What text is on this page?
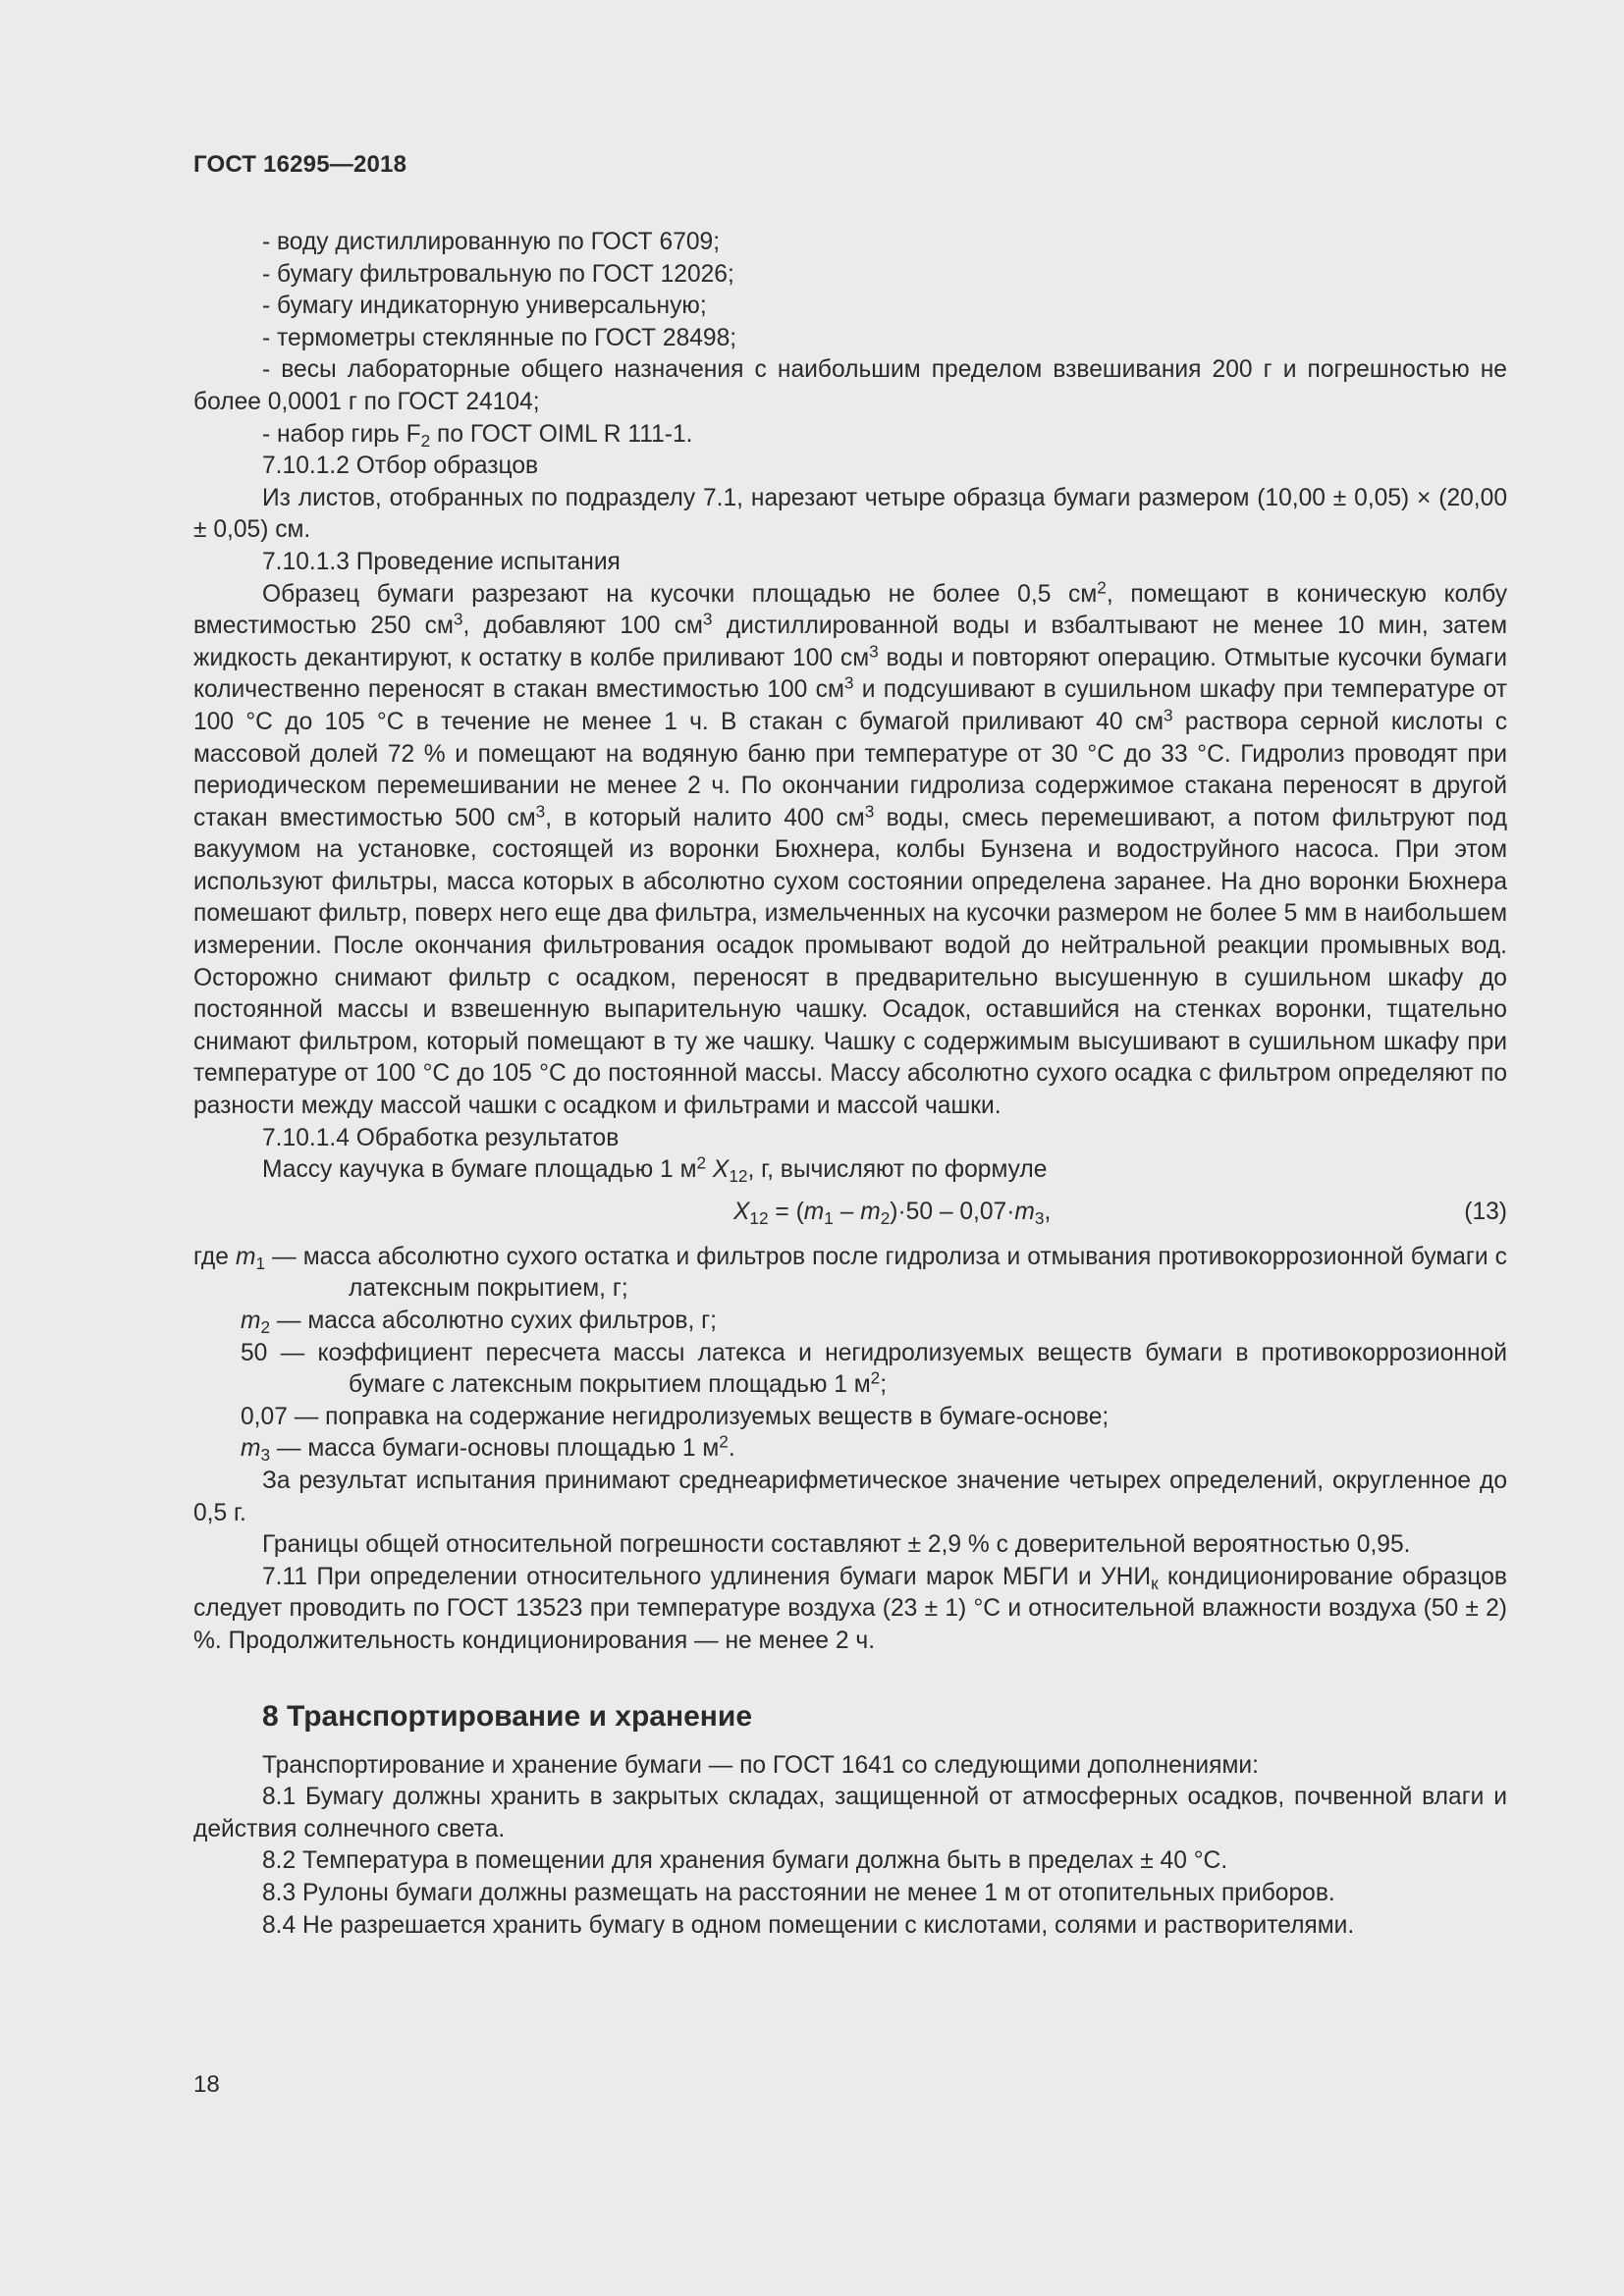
ГОСТ 16295—2018

- воду дистиллированную по ГОСТ 6709;

- бумагу фильтровальную по ГОСТ 12026;

- бумагу индикаторную универсальную;

- термометры стеклянные по ГОСТ 28498;

- весы лабораторные общего назначения с наибольшим пределом взвешивания 200 г и погрешностью не более 0,0001 г по ГОСТ 24104;

- набор гирь $F_2$ по ГОСТ OIML R 111-1.

7.10.1.2 Отбор образцов

Из листов, отобранных по подразделу 7.1, нарезают четыре образца бумаги размером (10,00 ± 0,05) × (20,00 ± 0,05) см.

7.10.1.3 Проведение испытания

Образец бумаги разрезают на кусочки площадью не более 0,5 $см^2$, помещают в коническую колбу вместимостью 250 $см^3$, добавляют 100 $см^3$ дистиллированной воды и взбалтывают не менее 10 мин, затем жидкость декантируют, к остатку в колбе приливают 100 $см^3$ воды и повторяют операцию. Отмытые кусочки бумаги количественно переносят в стакан вместимостью 100 $см^3$ и подсушивают в сушильном шкафу при температуре от 100 °С до 105 °С в течение не менее 1 ч. В стакан с бумагой приливают 40 $см^3$ раствора серной кислоты с массовой долей 72 % и помещают на водяную баню при температуре от 30 °С до 33 °С. Гидролиз проводят при периодическом перемешивании не менее 2 ч. По окончании гидролиза содержимое стакана переносят в другой стакан вместимостью 500 $см^3$, в который налито 400 $см^3$ воды, смесь перемешивают, а потом фильтруют под вакуумом на установке, состоящей из воронки Бюхнера, колбы Бунзена и водоструйного насоса. При этом используют фильтры, масса которых в абсолютно сухом состоянии определена заранее. На дно воронки Бюхнера помешают фильтр, поверх него еще два фильтра, измельченных на кусочки размером не более 5 мм в наибольшем измерении. После окончания фильтрования осадок промывают водой до нейтральной реакции промывных вод. Осторожно снимают фильтр с осадком, переносят в предварительно высушенную в сушильном шкафу до постоянной массы и взвешенную выпарительную чашку. Осадок, оставшийся на стенках воронки, тщательно снимают фильтром, который помещают в ту же чашку. Чашку с содержимым высушивают в сушильном шкафу при температуре от 100 °С до 105 °С до постоянной массы. Массу абсолютно сухого осадка с фильтром определяют по разности между массой чашки с осадком и фильтрами и массой чашки.

7.10.1.4 Обработка результатов

Массу каучука в бумаге площадью 1 $м^2$ $X_{12}$, г, вычисляют по формуле

$X_{12} = (m_1 - m_2)\cdot 50 - 0,07\cdot m_3$,	(13)

где $m_1$ — масса абсолютно сухого остатка и фильтров после гидролиза и отмывания противокоррозионной бумаги с латексным покрытием, г;

$m_2$ — масса абсолютно сухих фильтров, г;

50 — коэффициент пересчета массы латекса и негидролизуемых веществ бумаги в противокоррозионной бумаге с латексным покрытием площадью 1 $м^2$;

0,07 — поправка на содержание негидролизуемых веществ в бумаге-основе;

$m_3$ — масса бумаги-основы площадью 1 $м^2$.

За результат испытания принимают среднеарифметическое значение четырех определений, округленное до 0,5 г.

Границы общей относительной погрешности составляют ± 2,9 % с доверительной вероятностью 0,95.

7.11 При определении относительного удлинения бумаги марок МБГИ и $УНИ_к$ кондиционирование образцов следует проводить по ГОСТ 13523 при температуре воздуха (23 ± 1) °С и относительной влажности воздуха (50 ± 2) %. Продолжительность кондиционирования — не менее 2 ч.

8 Транспортирование и хранение

Транспортирование и хранение бумаги — по ГОСТ 1641 со следующими дополнениями:

8.1 Бумагу должны хранить в закрытых складах, защищенной от атмосферных осадков, почвенной влаги и действия солнечного света.

8.2 Температура в помещении для хранения бумаги должна быть в пределах ± 40 °С.

8.3 Рулоны бумаги должны размещать на расстоянии не менее 1 м от отопительных приборов.

8.4 Не разрешается хранить бумагу в одном помещении с кислотами, солями и растворителями.

18
